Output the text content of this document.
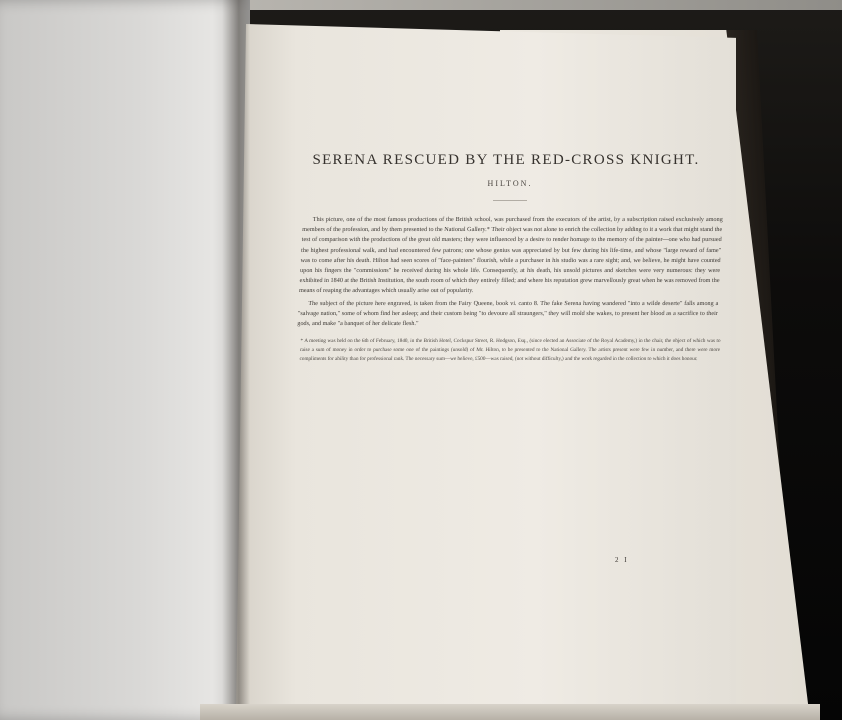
SERENA RESCUED BY THE RED-CROSS KNIGHT.
HILTON.

This picture, one of the most famous productions of the British school, was purchased from the executors of the artist, by a subscription raised exclusively among members of the profession, and by them presented to the National Gallery.* Their object was not alone to enrich the collection by adding to it a work that might stand the test of comparison with the productions of the great old masters; they were influenced by a desire to render homage to the memory of the painter—one who had pursued the highest professional walk, and had encountered few patrons; one whose genius was appreciated by but few during his life-time, and whose "large reward of fame" was to come after his death. Hilton had seen scores of "face-painters" flourish, while a purchaser in his studio was a rare sight; and, we believe, he might have counted upon his fingers the "commissions" he received during his whole life. Consequently, at his death, his unsold pictures and sketches were very numerous: they were exhibited in 1840 at the British Institution, the south room of which they entirely filled; and where his reputation grew marvellously great when he was removed from the means of reaping the advantages which usually arise out of popularity.

The subject of the picture here engraved, is taken from the Fairy Queene, book vi. canto 8. The fake Serena having wandered "into a wilde deserte" falls among a "salvage nation," some of whom find her asleep; and their custom being "to devoure all straungers," they will mold she wakes, to present her blood as a sacrifice to their gods, and make "a banquet of her delicate flesh."

* A meeting was held on the 6th of February, 1840, in the British Hotel, Cockspur Street, R. Hodgson, Esq., (since elected an Associate of the Royal Academy,) in the chair, the object of which was to raise a sum of money in order to purchase some one of the paintings (unsold) of Mr. Hilton, to be presented to the National Gallery. The artists present were few in number, and there were more compliments for ability than for professional rank. The necessary sum—we believe, £500—was raised, (not without difficulty,) and the work regarded in the collection to which it does honour.
2 I
